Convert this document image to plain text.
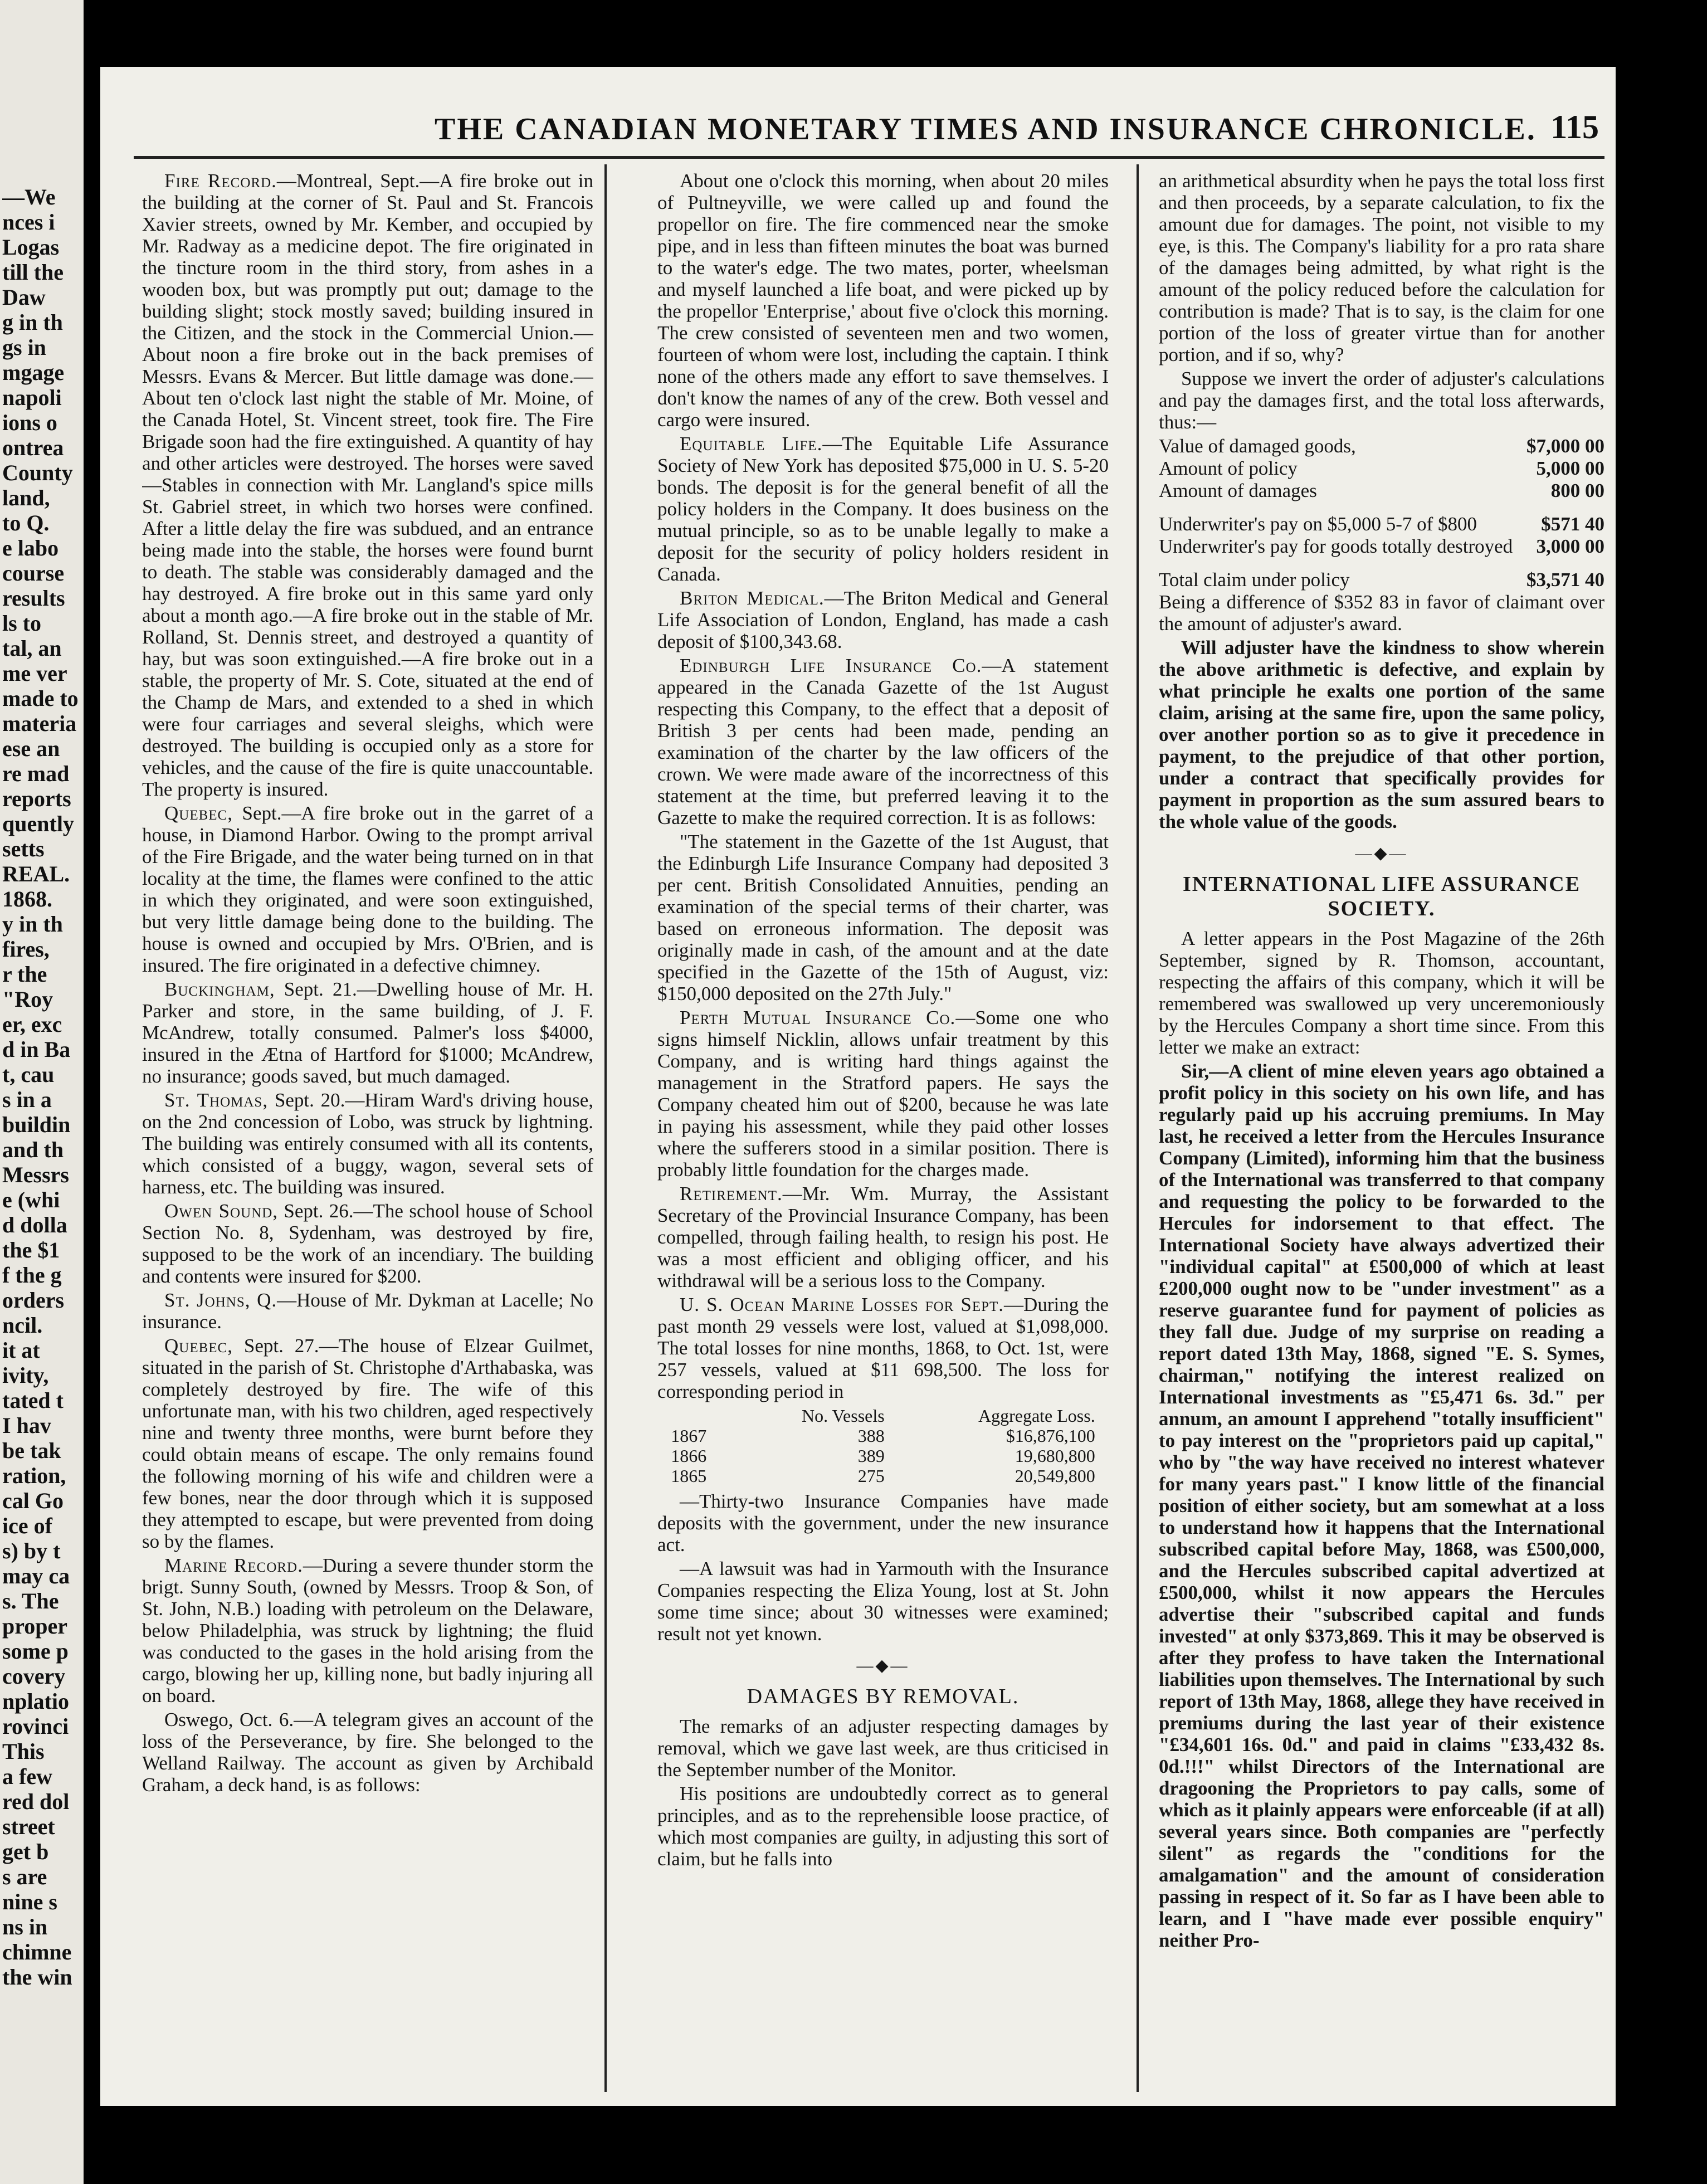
—We
nces i
Logas
till the
Daw
g in th
gs in
mgage
napoli
ions o
ontrea
County
land,
to Q.
e labo
course
results
ls to
tal, an
me ver
made to
materia
ese an
re mad
reports
quently
setts
REAL.
1868.
y in th
fires,
r the
"Roy
er, exc
d in Ba
t, cau
s in a
buildin
and th
Messrs
e (whi
d dolla
the $1
f the g
orders
ncil.
it at
ivity,
tated t
I hav
be tak
ration,
cal Go
ice of
s) by t
may ca
s. The
proper
some p
covery
nplatio
rovinci
This
a few
red dol
street
get b
s are
nine s
ns in
chimne
the win
THE CANADIAN MONETARY TIMES AND INSURANCE CHRONICLE. 115

Fire Record.—Montreal, Sept.—A fire broke out in the building at the corner of St. Paul and St. Francois Xavier streets, owned by Mr. Kember, and occupied by Mr. Radway as a medicine depot. The fire originated in the tincture room in the third story, from ashes in a wooden box, but was promptly put out; damage to the building slight; stock mostly saved; building insured in the Citizen, and the stock in the Commercial Union.—About noon a fire broke out in the back premises of Messrs. Evans & Mercer. But little damage was done.—About ten o'clock last night the stable of Mr. Moine, of the Canada Hotel, St. Vincent street, took fire. The Fire Brigade soon had the fire extinguished. A quantity of hay and other articles were destroyed. The horses were saved—Stables in connection with Mr. Langland's spice mills St. Gabriel street, in which two horses were confined. After a little delay the fire was subdued, and an entrance being made into the stable, the horses were found burnt to death. The stable was considerably damaged and the hay destroyed. A fire broke out in this same yard only about a month ago.—A fire broke out in the stable of Mr. Rolland, St. Dennis street, and destroyed a quantity of hay, but was soon extinguished.—A fire broke out in a stable, the property of Mr. S. Cote, situated at the end of the Champ de Mars, and extended to a shed in which were four carriages and several sleighs, which were destroyed. The building is occupied only as a store for vehicles, and the cause of the fire is quite unaccountable. The property is insured.

Quebec, Sept.—A fire broke out in the garret of a house, in Diamond Harbor. Owing to the prompt arrival of the Fire Brigade, and the water being turned on in that locality at the time, the flames were confined to the attic in which they originated, and were soon extinguished, but very little damage being done to the building. The house is owned and occupied by Mrs. O'Brien, and is insured. The fire originated in a defective chimney.

Buckingham, Sept. 21.—Dwelling house of Mr. H. Parker and store, in the same building, of J. F. McAndrew, totally consumed. Palmer's loss $4000, insured in the Ætna of Hartford for $1000; McAndrew, no insurance; goods saved, but much damaged.

St. Thomas, Sept. 20.—Hiram Ward's driving house, on the 2nd concession of Lobo, was struck by lightning. The building was entirely consumed with all its contents, which consisted of a buggy, wagon, several sets of harness, etc. The building was insured.

Owen Sound, Sept. 26.—The school house of School Section No. 8, Sydenham, was destroyed by fire, supposed to be the work of an incendiary. The building and contents were insured for $200.

St. Johns, Q.—House of Mr. Dykman at Lacelle; No insurance.

Quebec, Sept. 27.—The house of Elzear Guilmet, situated in the parish of St. Christophe d'Arthabaska, was completely destroyed by fire. The wife of this unfortunate man, with his two children, aged respectively nine and twenty three months, were burnt before they could obtain means of escape. The only remains found the following morning of his wife and children were a few bones, near the door through which it is supposed they attempted to escape, but were prevented from doing so by the flames.

Marine Record.—During a severe thunder storm the brigt. Sunny South, (owned by Messrs. Troop & Son, of St. John, N.B.) loading with petroleum on the Delaware, below Philadelphia, was struck by lightning; the fluid was conducted to the gases in the hold arising from the cargo, blowing her up, killing none, but badly injuring all on board.

Oswego, Oct. 6.—A telegram gives an account of the loss of the Perseverance, by fire. She belonged to the Welland Railway. The account as given by Archibald Graham, a deck hand, is as follows:

About one o'clock this morning, when about 20 miles of Pultneyville, we were called up and found the propellor on fire. The fire commenced near the smoke pipe, and in less than fifteen minutes the boat was burned to the water's edge. The two mates, porter, wheelsman and myself launched a life boat, and were picked up by the propellor 'Enterprise,' about five o'clock this morning. The crew consisted of seventeen men and two women, fourteen of whom were lost, including the captain. I think none of the others made any effort to save themselves. I don't know the names of any of the crew. Both vessel and cargo were insured.

Equitable Life.—The Equitable Life Assurance Society of New York has deposited $75,000 in U. S. 5-20 bonds. The deposit is for the general benefit of all the policy holders in the Company. It does business on the mutual principle, so as to be unable legally to make a deposit for the security of policy holders resident in Canada.

Briton Medical.—The Briton Medical and General Life Association of London, England, has made a cash deposit of $100,343.68.

Edinburgh Life Insurance Co.—A statement appeared in the Canada Gazette of the 1st August respecting this Company, to the effect that a deposit of British 3 per cents had been made, pending an examination of the charter by the law officers of the crown. We were made aware of the incorrectness of this statement at the time, but preferred leaving it to the Gazette to make the required correction. It is as follows:

"The statement in the Gazette of the 1st August, that the Edinburgh Life Insurance Company had deposited 3 per cent. British Consolidated Annuities, pending an examination of the special terms of their charter, was based on erroneous information. The deposit was originally made in cash, of the amount and at the date specified in the Gazette of the 15th of August, viz: $150,000 deposited on the 27th July."

Perth Mutual Insurance Co.—Some one who signs himself Nicklin, allows unfair treatment by this Company, and is writing hard things against the management in the Stratford papers. He says the Company cheated him out of $200, because he was late in paying his assessment, while they paid other losses where the sufferers stood in a similar position. There is probably little foundation for the charges made.

Retirement.—Mr. Wm. Murray, the Assistant Secretary of the Provincial Insurance Company, has been compelled, through failing health, to resign his post. He was a most efficient and obliging officer, and his withdrawal will be a serious loss to the Company.

U. S. Ocean Marine Losses for Sept.—During the past month 29 vessels were lost, valued at $1,098,000. The total losses for nine months, 1868, to Oct. 1st, were 257 vessels, valued at $11 698,500. The loss for corresponding period in

	No. Vessels	Aggregate Loss.
1867	388	$16,876,100
1866	389	19,680,800
1865	275	20,549,800

—Thirty-two Insurance Companies have made deposits with the government, under the new insurance act.

—A lawsuit was had in Yarmouth with the Insurance Companies respecting the Eliza Young, lost at St. John some time since; about 30 witnesses were examined; result not yet known.

—◆—
DAMAGES BY REMOVAL.

The remarks of an adjuster respecting damages by removal, which we gave last week, are thus criticised in the September number of the Monitor.

His positions are undoubtedly correct as to general principles, and as to the reprehensible loose practice, of which most companies are guilty, in adjusting this sort of claim, but he falls into

an arithmetical absurdity when he pays the total loss first and then proceeds, by a separate calculation, to fix the amount due for damages. The point, not visible to my eye, is this. The Company's liability for a pro rata share of the damages being admitted, by what right is the amount of the policy reduced before the calculation for contribution is made? That is to say, is the claim for one portion of the loss of greater virtue than for another portion, and if so, why?

Suppose we invert the order of adjuster's calculations and pay the damages first, and the total loss afterwards, thus:—

Value of damaged goods,	$7,000 00
Amount of policy	5,000 00
Amount of damages	800 00
Underwriter's pay on $5,000 5-7 of $800	$571 40
Underwriter's pay for goods totally destroyed	3,000 00
Total claim under policy	$3,571 40

Being a difference of $352 83 in favor of claimant over the amount of adjuster's award.

Will adjuster have the kindness to show wherein the above arithmetic is defective, and explain by what principle he exalts one portion of the same claim, arising at the same fire, upon the same policy, over another portion so as to give it precedence in payment, to the prejudice of that other portion, under a contract that specifically provides for payment in proportion as the sum assured bears to the whole value of the goods.

—◆—
INTERNATIONAL LIFE ASSURANCE SOCIETY.

A letter appears in the Post Magazine of the 26th September, signed by R. Thomson, accountant, respecting the affairs of this company, which it will be remembered was swallowed up very unceremoniously by the Hercules Company a short time since. From this letter we make an extract:

Sir,—A client of mine eleven years ago obtained a profit policy in this society on his own life, and has regularly paid up his accruing premiums. In May last, he received a letter from the Hercules Insurance Company (Limited), informing him that the business of the International was transferred to that company and requesting the policy to be forwarded to the Hercules for indorsement to that effect. The International Society have always advertized their "individual capital" at £500,000 of which at least £200,000 ought now to be "under investment" as a reserve guarantee fund for payment of policies as they fall due. Judge of my surprise on reading a report dated 13th May, 1868, signed "E. S. Symes, chairman," notifying the interest realized on International investments as "£5,471 6s. 3d." per annum, an amount I apprehend "totally insufficient" to pay interest on the "proprietors paid up capital," who by "the way have received no interest whatever for many years past." I know little of the financial position of either society, but am somewhat at a loss to understand how it happens that the International subscribed capital before May, 1868, was £500,000, and the Hercules subscribed capital advertized at £500,000, whilst it now appears the Hercules advertise their "subscribed capital and funds invested" at only $373,869. This it may be observed is after they profess to have taken the International liabilities upon themselves. The International by such report of 13th May, 1868, allege they have received in premiums during the last year of their existence "£34,601 16s. 0d." and paid in claims "£33,432 8s. 0d.!!!" whilst Directors of the International are dragooning the Proprietors to pay calls, some of which as it plainly appears were enforceable (if at all) several years since. Both companies are "perfectly silent" as regards the "conditions for the amalgamation" and the amount of consideration passing in respect of it. So far as I have been able to learn, and I "have made ever possible enquiry" neither Pro-
